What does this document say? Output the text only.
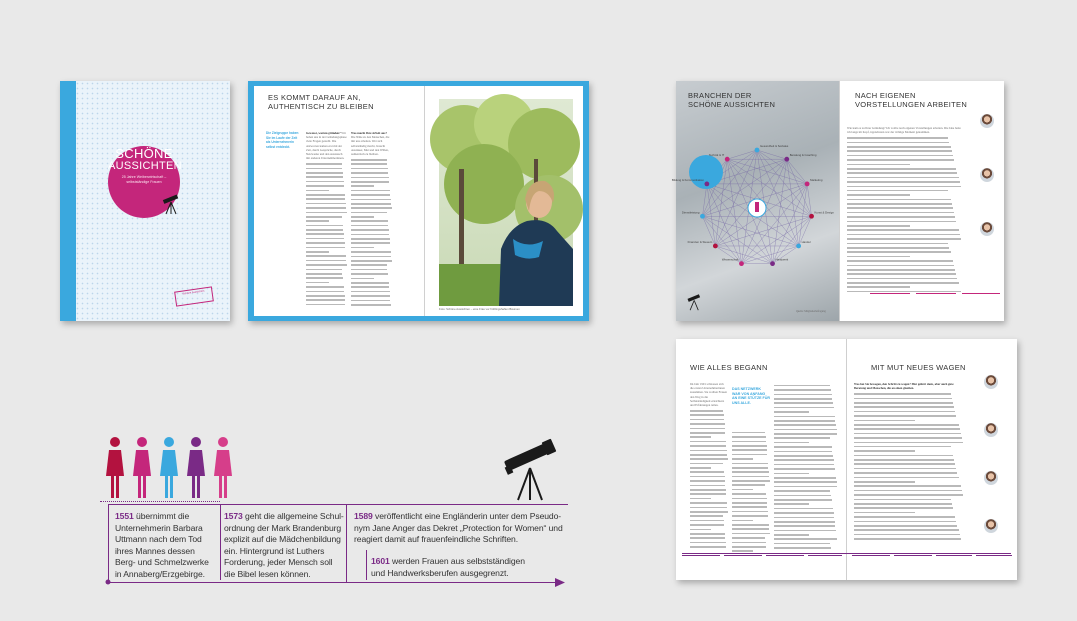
SCHÖNE
AUSSICHTEN
25 Jahre Weiberwirtschaft – selbstständige Frauen
Schöne Aussichten
ES KOMMT DARAUF AN,
AUTHENTISCH ZU BLEIBEN
Die Zielgruppe haben Sie im Laufe der Zeit als Unternehmerin selbst entdeckt.
Gewusst, warum gründen? Wir haben uns in der Gründungsphase viele Fragen gestellt. Die Antworten kamen erst mit der Zeit, durch Gespräche, durch Netzwerke und den Austausch mit anderen Unternehmerinnen.
Was macht Ihre Arbeit aus? Die Nähe zu den Menschen, die mit uns arbeiten. Wer sich selbstständig macht, braucht Ausdauer, Mut und den Willen, authentisch zu bleiben.
Foto: Schöne Aussichten – eine Frau vor frühlingshaften Bäumen
BRANCHEN DER
SCHÖNE AUSSICHTEN
NACH EIGENEN
VORSTELLUNGEN ARBEITEN
Gesundheit & Soziales
Beratung & Coaching
Marketing
Kunst & Design
Handel
Handwerk
Wissenschaft
Finanzen & Steuern
Dienstleistung
Bildung & Kommunikation
Technik & IT
Wie kam es zu Ihrer Gründung? Ich wollte nach eigenen Vorstellungen arbeiten. Die Idee hatte ich lange im Kopf, irgendwann war der richtige Moment gekommen.
Quelle: Mitgliederbefragung
WIE ALLES BEGANN	MIT MUT NEUES WAGEN
Im Jahr 1991 schlossen sich die ersten Unternehmerinnen zusammen. Sie wollten Frauen den Weg in die Selbstständigkeit erleichtern und Erfahrungen teilen.
DAS NETZWERK WAR VON ANFANG AN EINE STÜTZE FÜR UNS ALLE.
Was hat Sie bewogen, den Schritt zu wagen? Mut gehört dazu, aber auch gute Beratung und Menschen, die an einen glauben.
1551 übernimmt die
Unternehmerin Barbara
Uttmann nach dem Tod
ihres Mannes dessen
Berg- und Schmelzwerke
in Annaberg/Erzgebirge.
1573 geht die allgemeine Schul-
ordnung der Mark Brandenburg
explizit auf die Mädchenbildung
ein. Hintergrund ist Luthers
Forderung, jeder Mensch soll
die Bibel lesen können.
1589 veröffentlicht eine Engländerin unter dem Pseudo-
nym Jane Anger das Dekret „Protection for Women“ und
reagiert damit auf frauenfeindliche Schriften.
1601 werden Frauen aus selbstständigen
und Handwerksberufen ausgegrenzt.
